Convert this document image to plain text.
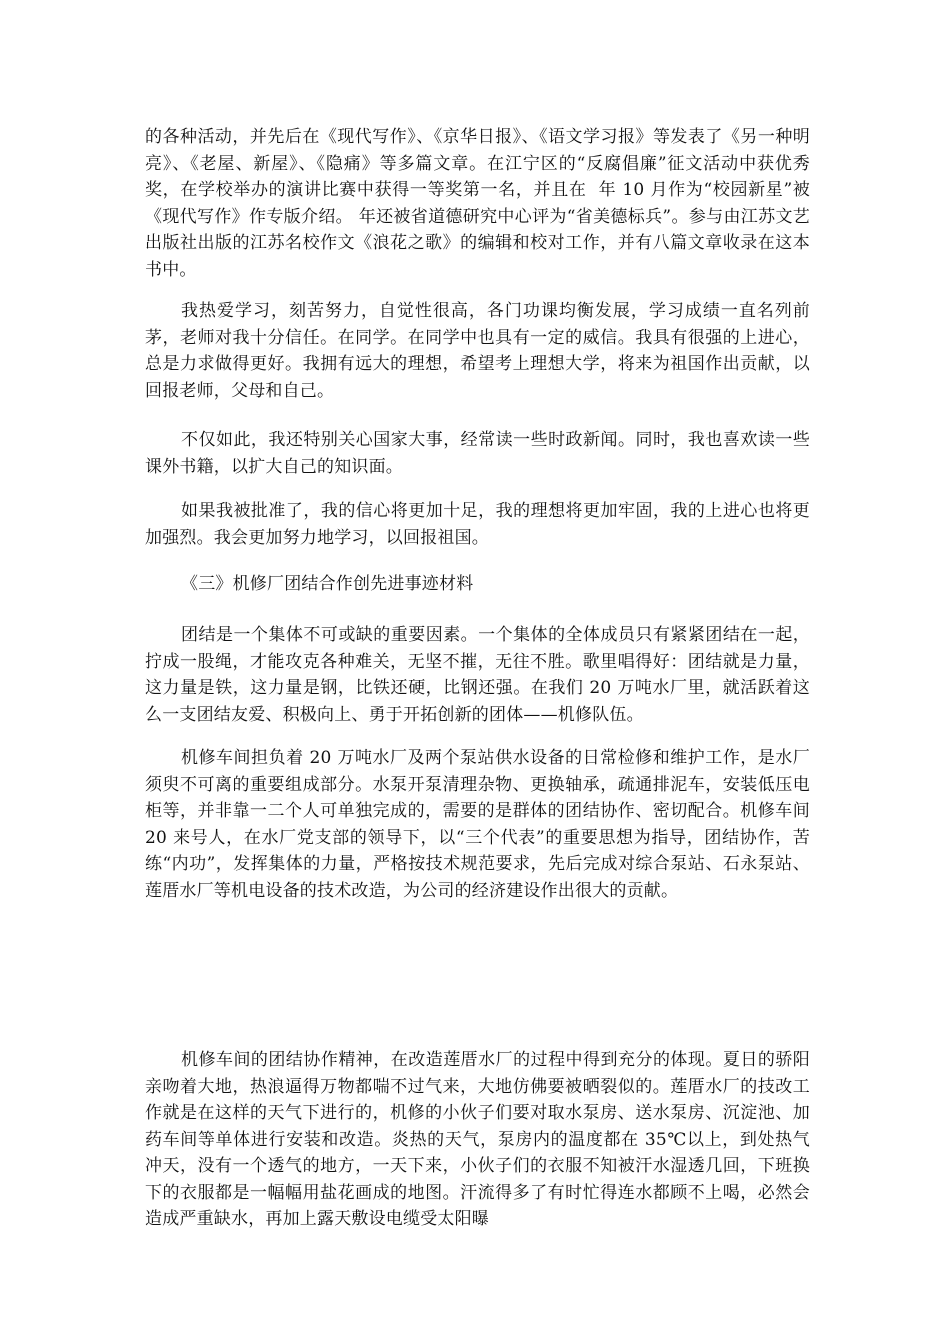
的各种活动，并先后在《现代写作》、《京华日报》、《语文学习报》等发表了《另一种明亮》、《老屋、新屋》、《隐痛》等多篇文章。在江宁区的“反腐倡廉”征文活动中获优秀奖，在学校举办的演讲比赛中获得一等奖第一名，并且在  年 10 月作为“校园新星”被《现代写作》作专版介绍。 年还被省道德研究中心评为“省美德标兵”。参与由江苏文艺出版社出版的江苏名校作文《浪花之歌》的编辑和校对工作，并有八篇文章收录在这本书中。

我热爱学习，刻苦努力，自觉性很高，各门功课均衡发展，学习成绩一直名列前茅，老师对我十分信任。在同学。在同学中也具有一定的威信。我具有很强的上进心，总是力求做得更好。我拥有远大的理想，希望考上理想大学，将来为祖国作出贡献，以回报老师，父母和自己。

不仅如此，我还特别关心国家大事，经常读一些时政新闻。同时，我也喜欢读一些课外书籍，以扩大自己的知识面。

如果我被批准了，我的信心将更加十足，我的理想将更加牢固，我的上进心也将更加强烈。我会更加努力地学习，以回报祖国。

《三》机修厂团结合作创先进事迹材料

团结是一个集体不可或缺的重要因素。一个集体的全体成员只有紧紧团结在一起，拧成一股绳，才能攻克各种难关，无坚不摧，无往不胜。歌里唱得好：团结就是力量，这力量是铁，这力量是钢，比铁还硬，比钢还强。在我们 20 万吨水厂里，就活跃着这么一支团结友爱、积极向上、勇于开拓创新的团体——机修队伍。

机修车间担负着 20 万吨水厂及两个泵站供水设备的日常检修和维护工作，是水厂须臾不可离的重要组成部分。水泵开泵清理杂物、更换轴承，疏通排泥车，安装低压电柜等，并非靠一二个人可单独完成的，需要的是群体的团结协作、密切配合。机修车间 20 来号人，在水厂党支部的领导下，以“三个代表”的重要思想为指导，团结协作，苦练“内功”，发挥集体的力量，严格按技术规范要求，先后完成对综合泵站、石永泵站、莲厝水厂等机电设备的技术改造，为公司的经济建设作出很大的贡献。

机修车间的团结协作精神，在改造莲厝水厂的过程中得到充分的体现。夏日的骄阳亲吻着大地，热浪逼得万物都喘不过气来，大地仿佛要被晒裂似的。莲厝水厂的技改工作就是在这样的天气下进行的，机修的小伙子们要对取水泵房、送水泵房、沉淀池、加药车间等单体进行安装和改造。炎热的天气，泵房内的温度都在 35℃以上，到处热气冲天，没有一个透气的地方，一天下来，小伙子们的衣服不知被汗水湿透几回，下班换下的衣服都是一幅幅用盐花画成的地图。汗流得多了有时忙得连水都顾不上喝，必然会造成严重缺水，再加上露天敷设电缆受太阳曝
